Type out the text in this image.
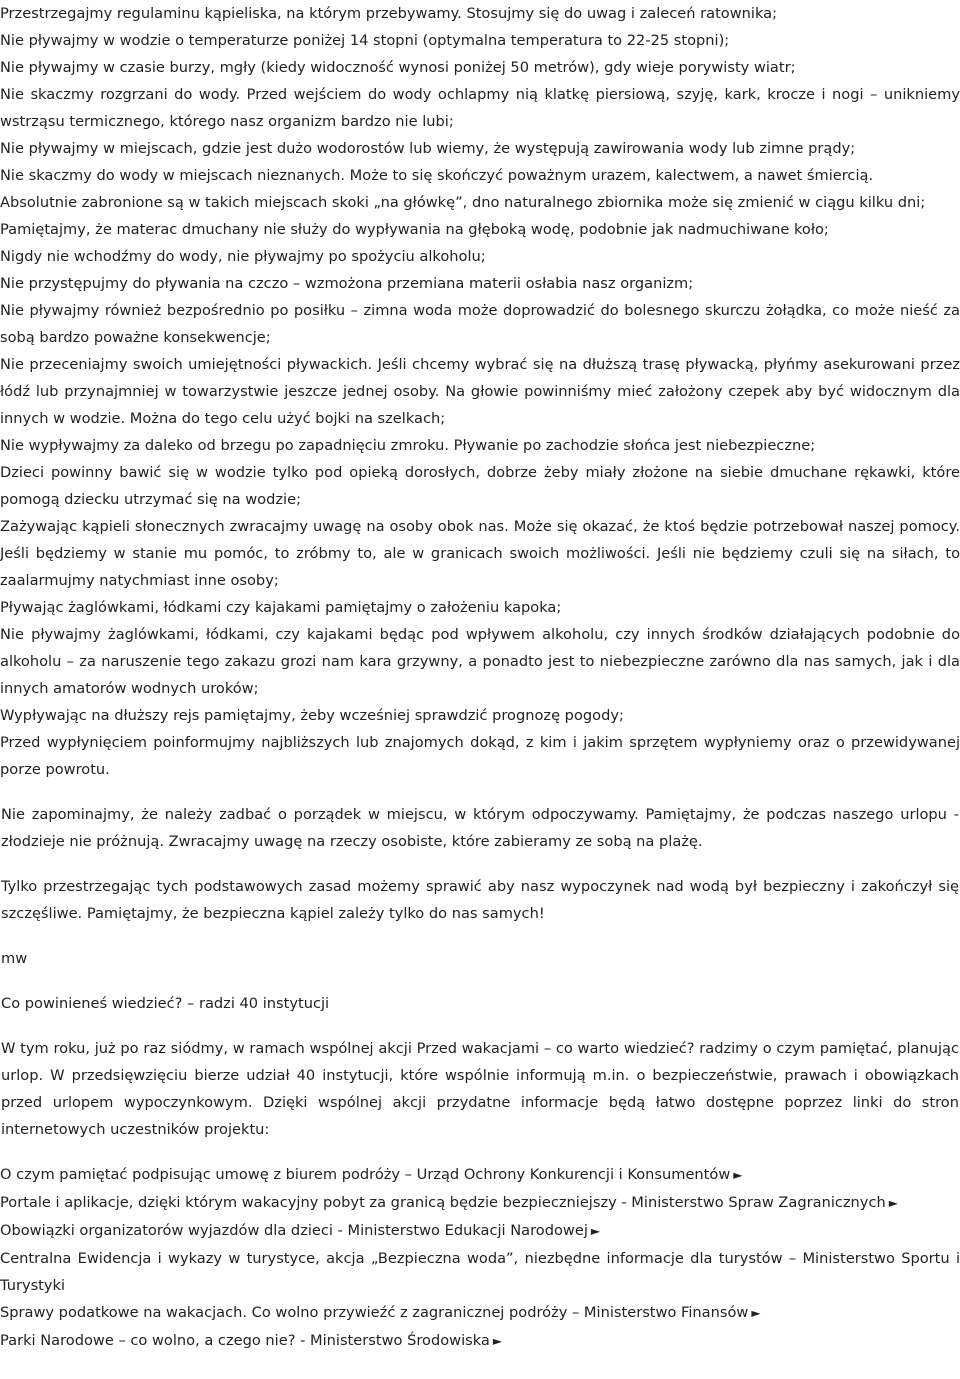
Przestrzegajmy regulaminu kąpieliska, na którym przebywamy. Stosujmy się do uwag i zaleceń ratownika;
Nie pływajmy w wodzie o temperaturze poniżej 14 stopni (optymalna temperatura to 22-25 stopni);
Nie pływajmy w czasie burzy, mgły (kiedy widoczność wynosi poniżej 50 metrów), gdy wieje porywisty wiatr;
Nie skaczmy rozgrzani do wody. Przed wejściem do wody ochlapmy nią klatkę piersiową, szyję, kark, krocze i nogi – unikniemy wstrząsu termicznego, którego nasz organizm bardzo nie lubi;
Nie pływajmy w miejscach, gdzie jest dużo wodorostów lub wiemy, że występują zawirowania wody lub zimne prądy;
Nie skaczmy do wody w miejscach nieznanych. Może to się skończyć poważnym urazem, kalectwem, a nawet śmiercią.
Absolutnie zabronione są w takich miejscach skoki „na główkę”, dno naturalnego zbiornika może się zmienić w ciągu kilku dni;
Pamiętajmy, że materac dmuchany nie służy do wypływania na głęboką wodę, podobnie jak nadmuchiwane koło;
Nigdy nie wchodźmy do wody, nie pływajmy po spożyciu alkoholu;
Nie przystępujmy do pływania na czczo – wzmożona przemiana materii osłabia nasz organizm;
Nie pływajmy również bezpośrednio po posiłku – zimna woda może doprowadzić do bolesnego skurczu żołądka, co może nieść za sobą bardzo poważne konsekwencje;
Nie przeceniajmy swoich umiejętności pływackich. Jeśli chcemy wybrać się na dłuższą trasę pływacką, płyńmy asekurowani przez łódź lub przynajmniej w towarzystwie jeszcze jednej osoby. Na głowie powinniśmy mieć założony czepek aby być widocznym dla innych w wodzie. Można do tego celu użyć bojki na szelkach;
Nie wypływajmy za daleko od brzegu po zapadnięciu zmroku. Pływanie po zachodzie słońca jest niebezpieczne;
Dzieci powinny bawić się w wodzie tylko pod opieką dorosłych, dobrze żeby miały złożone na siebie dmuchane rękawki, które pomogą dziecku utrzymać się na wodzie;
Zażywając kąpieli słonecznych zwracajmy uwagę na osoby obok nas. Może się okazać, że ktoś będzie potrzebował naszej pomocy. Jeśli będziemy w stanie mu pomóc, to zróbmy to, ale w granicach swoich możliwości. Jeśli nie będziemy czuli się na siłach, to zaalarmujmy natychmiast inne osoby;
Pływając żaglówkami, łódkami czy kajakami pamiętajmy o założeniu kapoka;
Nie pływajmy żaglówkami, łódkami, czy kajakami będąc pod wpływem alkoholu, czy innych środków działających podobnie do alkoholu – za naruszenie tego zakazu grozi nam kara grzywny, a ponadto jest to niebezpieczne zarówno dla nas samych, jak i dla innych amatorów wodnych uroków;
Wypływając na dłuższy rejs pamiętajmy, żeby wcześniej sprawdzić prognozę pogody;
Przed wypłynięciem poinformujmy najbliższych lub znajomych dokąd, z kim i jakim sprzętem wypłyniemy oraz o przewidywanej porze powrotu.

Nie zapominajmy, że należy zadbać o porządek w miejscu, w którym odpoczywamy. Pamiętajmy, że podczas naszego urlopu - złodzieje nie próżnują. Zwracajmy uwagę na rzeczy osobiste, które zabieramy ze sobą na plażę.

Tylko przestrzegając tych podstawowych zasad możemy sprawić aby nasz wypoczynek nad wodą był bezpieczny i zakończył się szczęśliwe. Pamiętajmy, że bezpieczna kąpiel zależy tylko do nas samych!

mw

Co powinieneś wiedzieć? – radzi 40 instytucji

W tym roku, już po raz siódmy, w ramach wspólnej akcji Przed wakacjami – co warto wiedzieć? radzimy o czym pamiętać, planując urlop. W przedsięwzięciu bierze udział 40 instytucji, które wspólnie informują m.in. o bezpieczeństwie, prawach i obowiązkach przed urlopem wypoczynkowym. Dzięki wspólnej akcji przydatne informacje będą łatwo dostępne poprzez linki do stron internetowych uczestników projektu:

O czym pamiętać podpisując umowę z biurem podróży – Urząd Ochrony Konkurencji i Konsumentów ►
Portale i aplikacje, dzięki którym wakacyjny pobyt za granicą będzie bezpieczniejszy - Ministerstwo Spraw Zagranicznych ►
Obowiązki organizatorów wyjazdów dla dzieci - Ministerstwo Edukacji Narodowej ►
Centralna Ewidencja i wykazy w turystyce, akcja „Bezpieczna woda”, niezbędne informacje dla turystów – Ministerstwo Sportu i Turystyki
Sprawy podatkowe na wakacjach. Co wolno przywieźć z zagranicznej podróży – Ministerstwo Finansów ►
Parki Narodowe – co wolno, a czego nie? - Ministerstwo Środowiska ►
